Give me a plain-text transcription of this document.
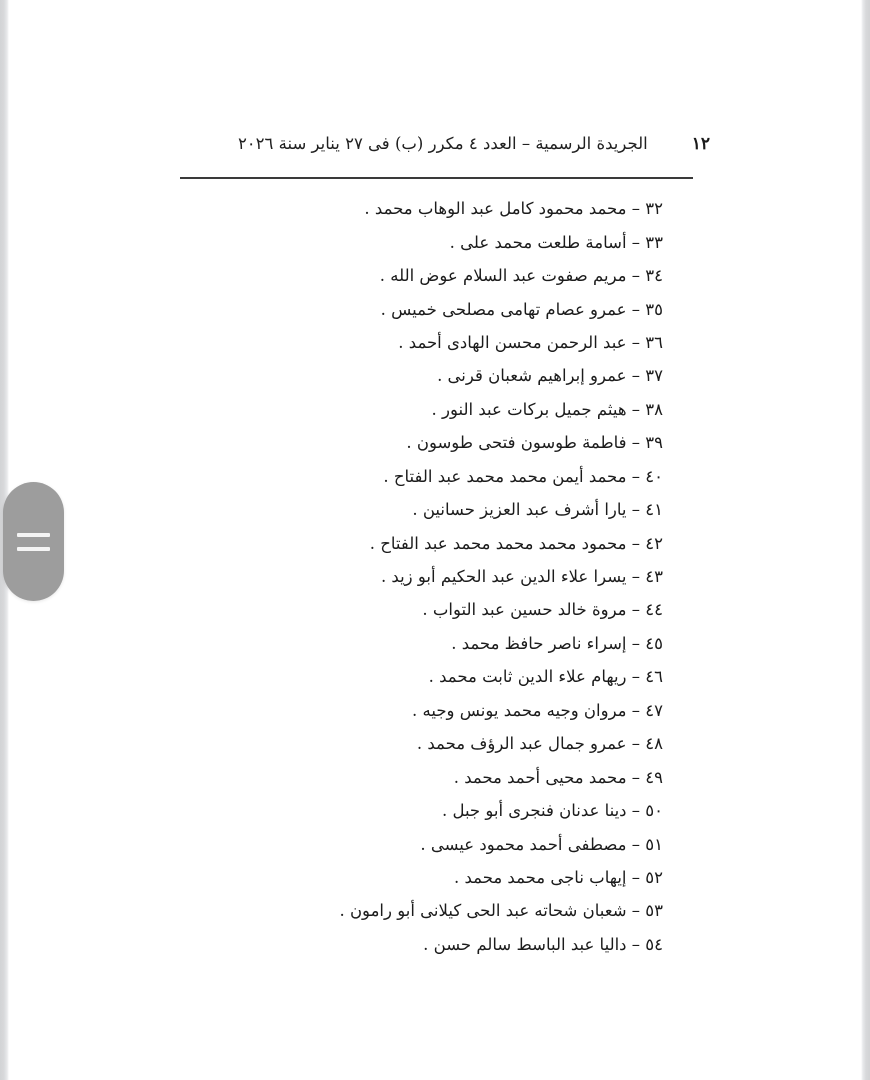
١٢
الجريدة الرسمية – العدد ٤ مكرر (ب) فى ٢٧ يناير سنة ٢٠٢٦
٣٢ – محمد محمود كامل عبد الوهاب محمد .
٣٣ – أسامة طلعت محمد على .
٣٤ – مريم صفوت عبد السلام عوض الله .
٣٥ – عمرو عصام تهامى مصلحى خميس .
٣٦ – عبد الرحمن محسن الهادى أحمد .
٣٧ – عمرو إبراهيم شعبان قرنى .
٣٨ – هيثم جميل بركات عبد النور .
٣٩ – فاطمة طوسون فتحى طوسون .
٤٠ – محمد أيمن محمد محمد عبد الفتاح .
٤١ – يارا أشرف عبد العزيز حسانين .
٤٢ – محمود محمد محمد محمد عبد الفتاح .
٤٣ – يسرا علاء الدين عبد الحكيم أبو زيد .
٤٤ – مروة خالد حسين عبد التواب .
٤٥ – إسراء ناصر حافظ محمد .
٤٦ – ريهام علاء الدين ثابت محمد .
٤٧ – مروان وجيه محمد يونس وجيه .
٤٨ – عمرو جمال عبد الرؤف محمد .
٤٩ – محمد محيى أحمد محمد .
٥٠ – دينا عدنان فنجرى أبو جبل .
٥١ – مصطفى أحمد محمود عيسى .
٥٢ – إيهاب ناجى محمد محمد .
٥٣ – شعبان شحاته عبد الحى كيلانى أبو رامون .
٥٤ – داليا عبد الباسط سالم حسن .
